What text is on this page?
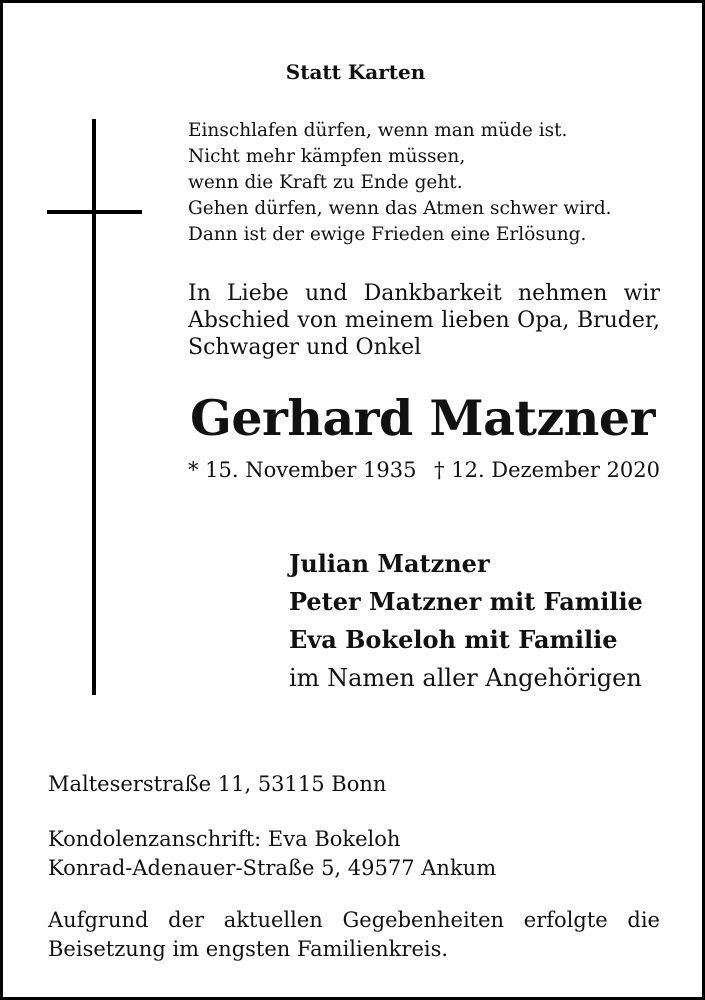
Statt Karten
Einschlafen dürfen, wenn man müde ist.
Nicht mehr kämpfen müssen,
wenn die Kraft zu Ende geht.
Gehen dürfen, wenn das Atmen schwer wird.
Dann ist der ewige Frieden eine Erlösung.
In Liebe und Dankbarkeit nehmen wir
Abschied von meinem lieben Opa, Bruder,
Schwager und Onkel
Gerhard Matzner
* 15. November 1935 † 12. Dezember 2020
Julian Matzner
Peter Matzner mit Familie
Eva Bokeloh mit Familie
im Namen aller Angehörigen
Malteserstraße 11, 53115 Bonn
Kondolenzanschrift: Eva Bokeloh
Konrad-Adenauer-Straße 5, 49577 Ankum
Aufgrund der aktuellen Gegebenheiten erfolgte die
Beisetzung im engsten Familienkreis.
